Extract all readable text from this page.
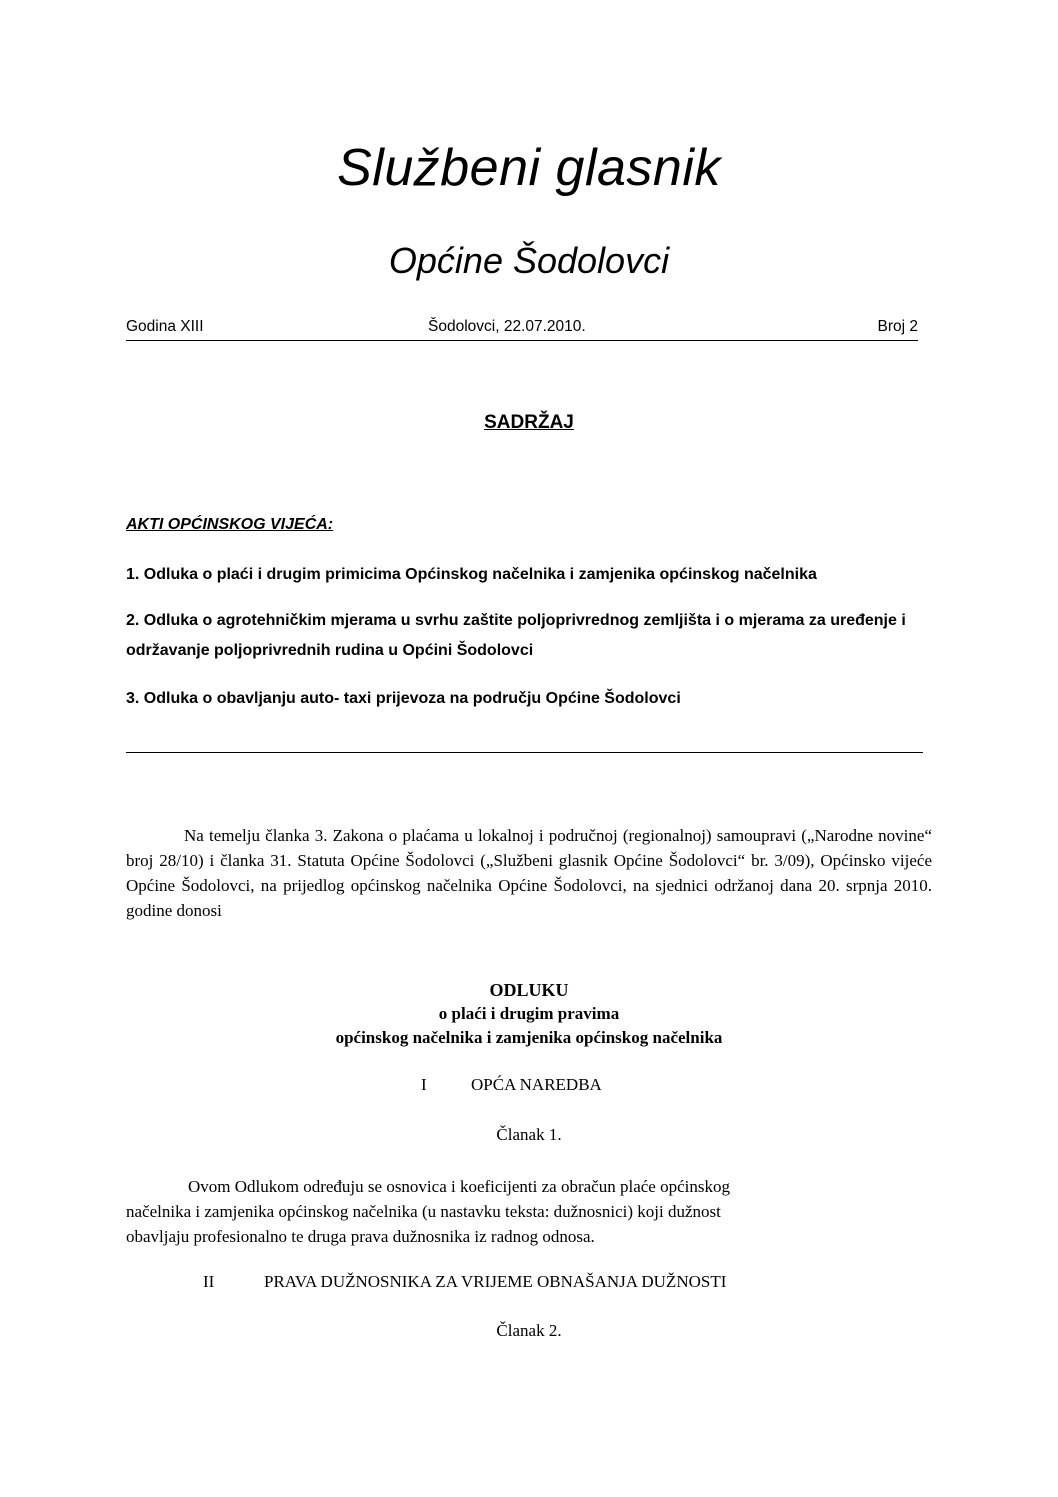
Službeni glasnik
Općine Šodolovci
Godina XIII	Šodolovci, 22.07.2010.	Broj 2
SADRŽAJ
AKTI OPĆINSKOG VIJEĆA:
1. Odluka o plaći i drugim primicima Općinskog načelnika i zamjenika općinskog načelnika
2. Odluka o agrotehničkim mjerama u svrhu zaštite poljoprivrednog zemljišta i o mjerama za uređenje i održavanje poljoprivrednih rudina u Općini Šodolovci
3. Odluka o obavljanju auto- taxi prijevoza na području Općine Šodolovci
Na temelju članka 3. Zakona o plaćama u lokalnoj i područnoj (regionalnoj) samoupravi („Narodne novine“ broj 28/10) i članka 31. Statuta Općine Šodolovci („Službeni glasnik Općine Šodolovci“ br. 3/09), Općinsko vijeće Općine Šodolovci, na prijedlog općinskog načelnika Općine Šodolovci, na sjednici održanoj dana 20. srpnja 2010. godine donosi
ODLUKU
o plaći i drugim pravima
općinskog načelnika i zamjenika općinskog načelnika
I	OPĆA NAREDBA
Članak 1.
Ovom Odlukom određuju se osnovica i koeficijenti za obračun plaće općinskog
načelnika i zamjenika općinskog načelnika (u nastavku teksta: dužnosnici) koji dužnost
obavljaju profesionalno te druga prava dužnosnika iz radnog odnosa.
II	PRAVA DUŽNOSNIKA ZA VRIJEME OBNAŠANJA DUŽNOSTI
Članak 2.
